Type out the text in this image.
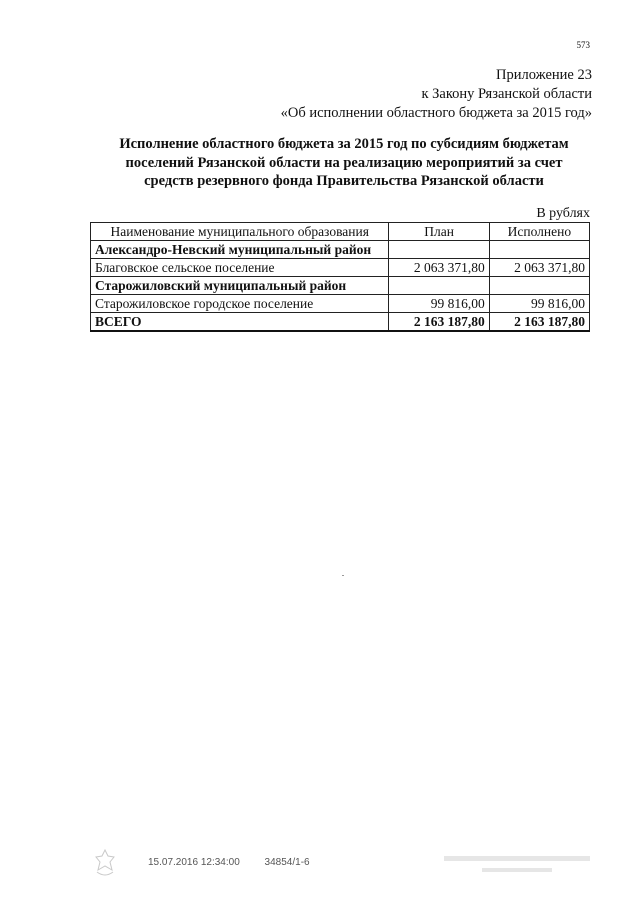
573
Приложение 23
к Закону Рязанской области
«Об исполнении областного бюджета за 2015 год»
Исполнение областного бюджета за 2015 год по субсидиям бюджетам
поселений Рязанской области на реализацию мероприятий за счет
средств резервного фонда Правительства Рязанской области
В рублях
Наименование муниципального образования	План	Исполнено
Александро-Невский муниципальный район		
Благовское сельское поселение	2 063 371,80	2 063 371,80
Старожиловский муниципальный район		
Старожиловское городское поселение	99 816,00	99 816,00
ВСЕГО	2 163 187,80	2 163 187,80
15.07.2016 12:34:00 34854/1-6
